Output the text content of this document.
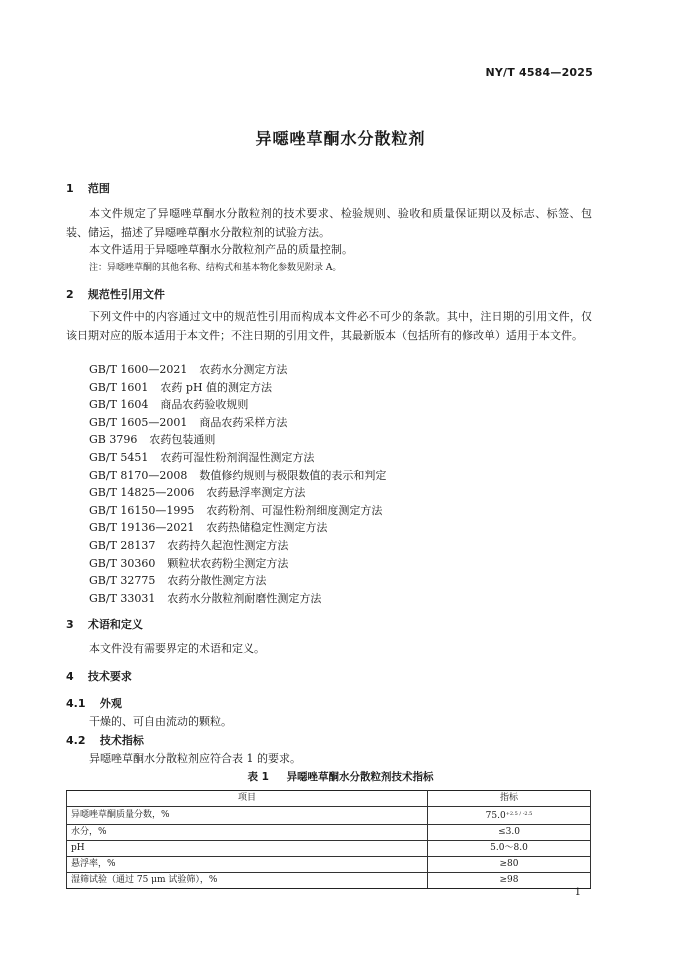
NY/T 4584—2025
异噁唑草酮水分散粒剂
1 范围
本文件规定了异噁唑草酮水分散粒剂的技术要求、检验规则、验收和质量保证期以及标志、标签、包装、储运，描述了异噁唑草酮水分散粒剂的试验方法。
本文件适用于异噁唑草酮水分散粒剂产品的质量控制。
注：异噁唑草酮的其他名称、结构式和基本物化参数见附录 A。
2 规范性引用文件
下列文件中的内容通过文中的规范性引用而构成本文件必不可少的条款。其中，注日期的引用文件，仅该日期对应的版本适用于本文件；不注日期的引用文件，其最新版本（包括所有的修改单）适用于本文件。
GB/T 1600—2021 农药水分测定方法
GB/T 1601 农药 pH 值的测定方法
GB/T 1604 商品农药验收规则
GB/T 1605—2001 商品农药采样方法
GB 3796 农药包装通则
GB/T 5451 农药可湿性粉剂润湿性测定方法
GB/T 8170—2008 数值修约规则与极限数值的表示和判定
GB/T 14825—2006 农药悬浮率测定方法
GB/T 16150—1995 农药粉剂、可湿性粉剂细度测定方法
GB/T 19136—2021 农药热储稳定性测定方法
GB/T 28137 农药持久起泡性测定方法
GB/T 30360 颗粒状农药粉尘测定方法
GB/T 32775 农药分散性测定方法
GB/T 33031 农药水分散粒剂耐磨性测定方法
3 术语和定义
本文件没有需要界定的术语和定义。
4 技术要求
4.1 外观
干燥的、可自由流动的颗粒。
4.2 技术指标
异噁唑草酮水分散粒剂应符合表 1 的要求。
表 1 异噁唑草酮水分散粒剂技术指标
项目	指标
异噁唑草酮质量分数，%	$75.0^{+2.5 / -2.5}$
水分，%	≤3.0
pH	5.0～8.0
悬浮率，%	≥80
湿筛试验（通过 75 μm 试验筛），%	≥98
1
